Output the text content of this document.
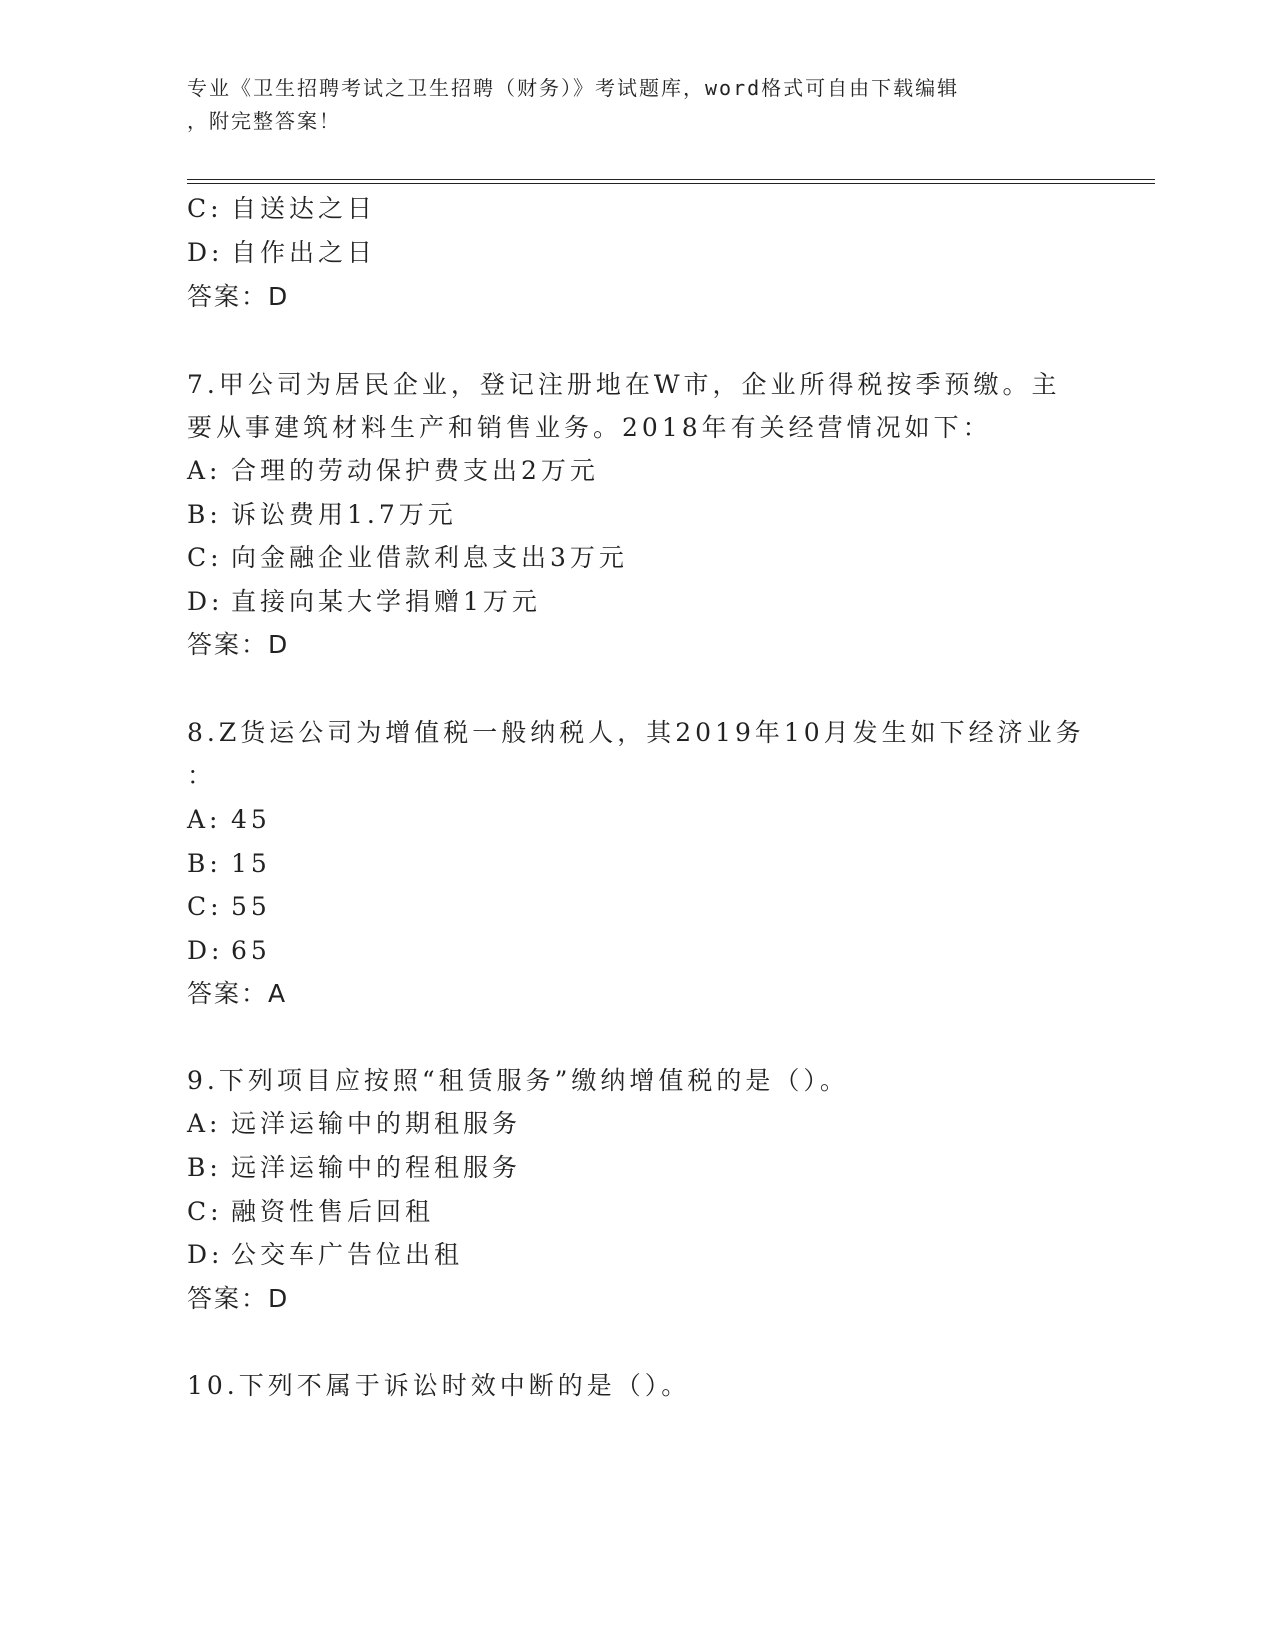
专业《卫生招聘考试之卫生招聘（财务）》考试题库，word格式可自由下载编辑
，附完整答案！
C: 自送达之日
D: 自作出之日
答案：D
7.甲公司为居民企业，登记注册地在W市，企业所得税按季预缴。主
要从事建筑材料生产和销售业务。2018年有关经营情况如下：
A: 合理的劳动保护费支出2万元
B: 诉讼费用1.7万元
C: 向金融企业借款利息支出3万元
D: 直接向某大学捐赠1万元
答案：D
8.Z货运公司为增值税一般纳税人，其2019年10月发生如下经济业务
：
A: 45
B: 15
C: 55
D: 65
答案：A
9.下列项目应按照“租赁服务”缴纳增值税的是（）。
A: 远洋运输中的期租服务
B: 远洋运输中的程租服务
C: 融资性售后回租
D: 公交车广告位出租
答案：D
10.下列不属于诉讼时效中断的是（）。
